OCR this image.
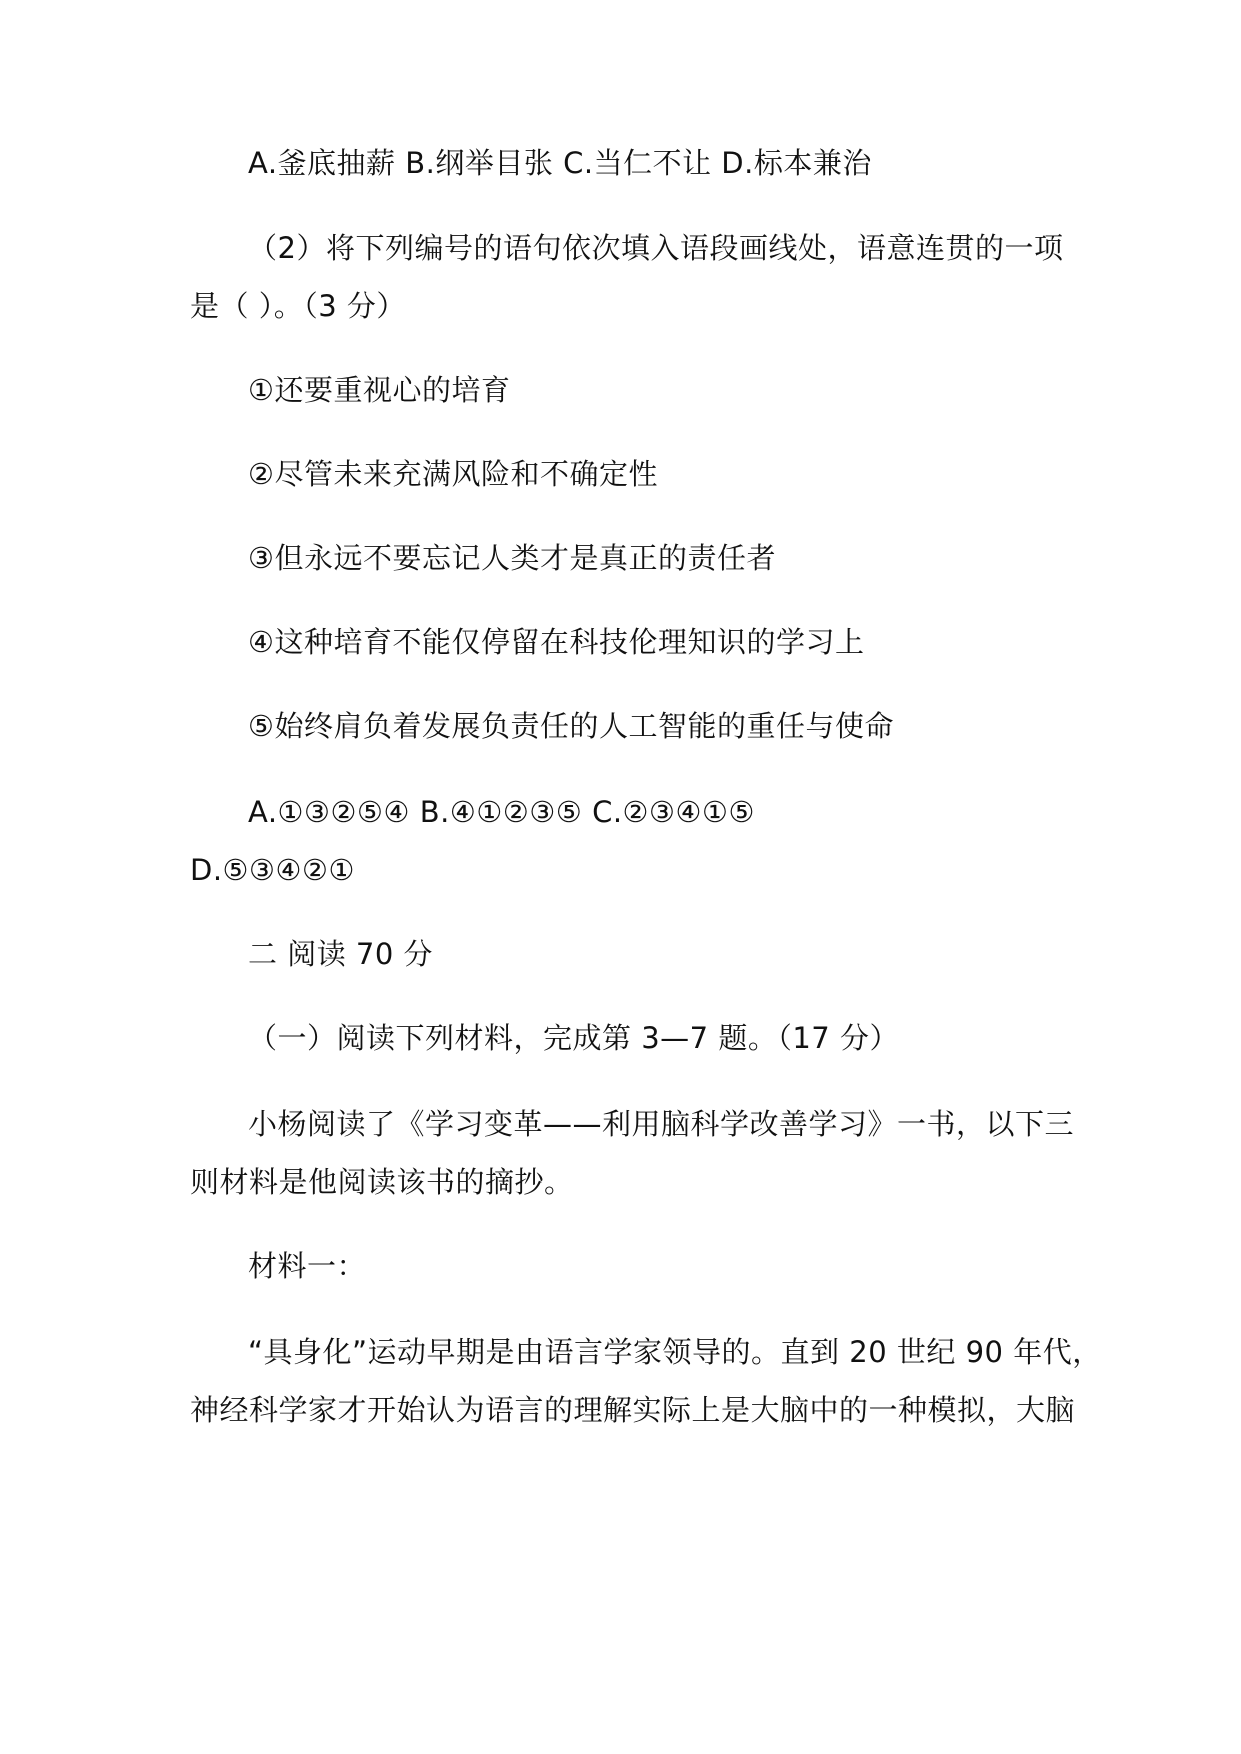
A.釜底抽薪 B.纲举目张 C.当仁不让 D.标本兼治
（2）将下列编号的语句依次填入语段画线处，语意连贯的一项
是（ ）。（3 分）
①还要重视心的培育
②尽管未来充满风险和不确定性
③但永远不要忘记人类才是真正的责任者
④这种培育不能仅停留在科技伦理知识的学习上
⑤始终肩负着发展负责任的人工智能的重任与使命
A.①③②⑤④ B.④①②③⑤ C.②③④①⑤
D.⑤③④②①
二 阅读 70 分
（一）阅读下列材料，完成第 3—7 题。（17 分）
小杨阅读了《学习变革——利用脑科学改善学习》一书，以下三
则材料是他阅读该书的摘抄。
材料一：
“具身化”运动早期是由语言学家领导的。直到 20 世纪 90 年代，
神经科学家才开始认为语言的理解实际上是大脑中的一种模拟，大脑
